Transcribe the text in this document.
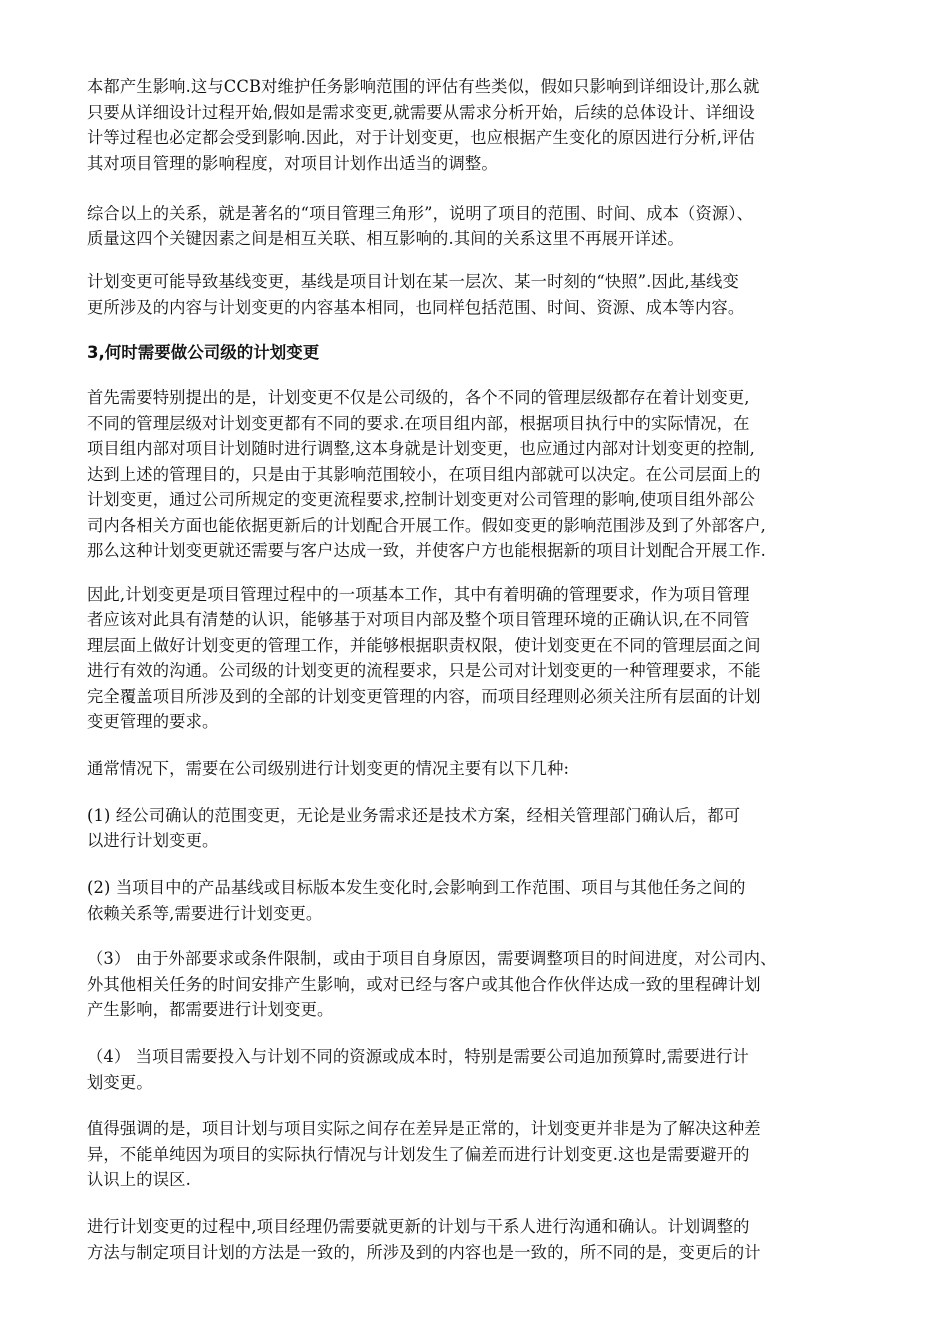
本都产生影响.这与CCB对维护任务影响范围的评估有些类似，假如只影响到详细设计,那么就
只要从详细设计过程开始,假如是需求变更,就需要从需求分析开始，后续的总体设计、详细设
计等过程也必定都会受到影响.因此，对于计划变更，也应根据产生变化的原因进行分析,评估
其对项目管理的影响程度，对项目计划作出适当的调整。
综合以上的关系，就是著名的“项目管理三角形”，说明了项目的范围、时间、成本（资源）、
质量这四个关键因素之间是相互关联、相互影响的.其间的关系这里不再展开详述。
计划变更可能导致基线变更，基线是项目计划在某一层次、某一时刻的“快照”.因此,基线变
更所涉及的内容与计划变更的内容基本相同，也同样包括范围、时间、资源、成本等内容。
3,何时需要做公司级的计划变更
首先需要特别提出的是，计划变更不仅是公司级的，各个不同的管理层级都存在着计划变更,
不同的管理层级对计划变更都有不同的要求.在项目组内部，根据项目执行中的实际情况，在
项目组内部对项目计划随时进行调整,这本身就是计划变更，也应通过内部对计划变更的控制,
达到上述的管理目的，只是由于其影响范围较小，在项目组内部就可以决定。在公司层面上的
计划变更，通过公司所规定的变更流程要求,控制计划变更对公司管理的影响,使项目组外部公
司内各相关方面也能依据更新后的计划配合开展工作。假如变更的影响范围涉及到了外部客户,
那么这种计划变更就还需要与客户达成一致，并使客户方也能根据新的项目计划配合开展工作.
因此,计划变更是项目管理过程中的一项基本工作，其中有着明确的管理要求，作为项目管理
者应该对此具有清楚的认识，能够基于对项目内部及整个项目管理环境的正确认识,在不同管
理层面上做好计划变更的管理工作，并能够根据职责权限，使计划变更在不同的管理层面之间
进行有效的沟通。公司级的计划变更的流程要求，只是公司对计划变更的一种管理要求，不能
完全覆盖项目所涉及到的全部的计划变更管理的内容，而项目经理则必须关注所有层面的计划
变更管理的要求。
通常情况下，需要在公司级别进行计划变更的情况主要有以下几种:
(1) 经公司确认的范围变更，无论是业务需求还是技术方案，经相关管理部门确认后，都可
以进行计划变更。
(2) 当项目中的产品基线或目标版本发生变化时,会影响到工作范围、项目与其他任务之间的
依赖关系等,需要进行计划变更。
（3） 由于外部要求或条件限制，或由于项目自身原因，需要调整项目的时间进度，对公司内、
外其他相关任务的时间安排产生影响，或对已经与客户或其他合作伙伴达成一致的里程碑计划
产生影响，都需要进行计划变更。
（4） 当项目需要投入与计划不同的资源或成本时，特别是需要公司追加预算时,需要进行计
划变更。
值得强调的是，项目计划与项目实际之间存在差异是正常的，计划变更并非是为了解决这种差
异，不能单纯因为项目的实际执行情况与计划发生了偏差而进行计划变更.这也是需要避开的
认识上的误区.
进行计划变更的过程中,项目经理仍需要就更新的计划与干系人进行沟通和确认。计划调整的
方法与制定项目计划的方法是一致的，所涉及到的内容也是一致的，所不同的是，变更后的计
